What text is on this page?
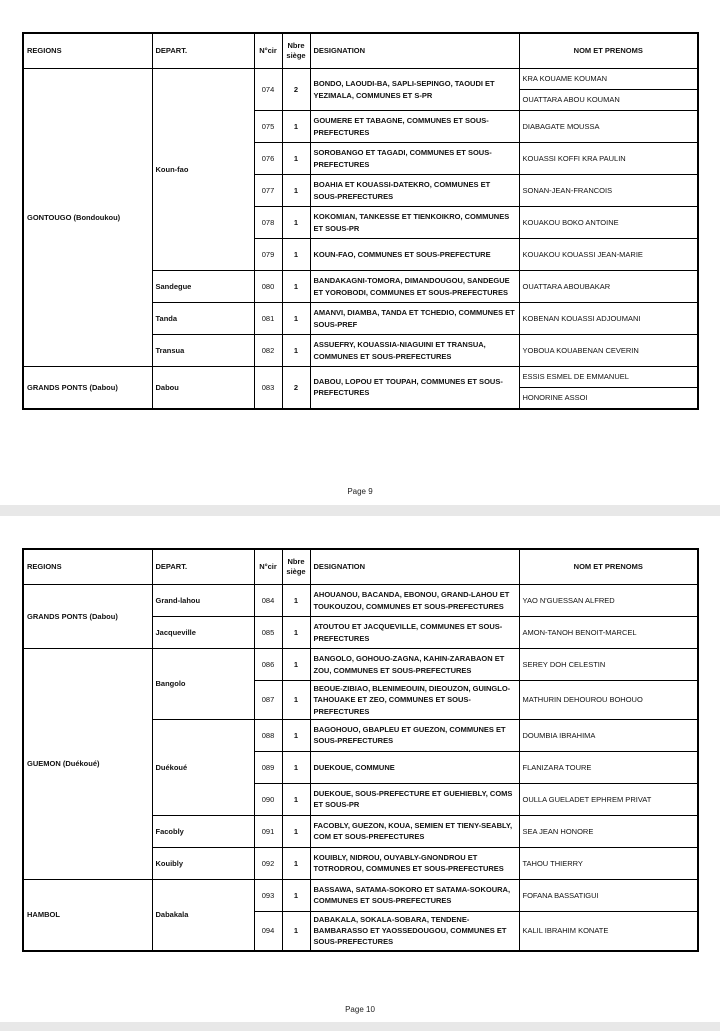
REGIONS	DEPART.	N°cir	Nbre siège	DESIGNATION	NOM ET PRENOMS
GONTOUGO (Bondoukou)	Koun-fao	074	2	BONDO, LAOUDI-BA, SAPLI-SEPINGO, TAOUDI ET YEZIMALA, COMMUNES ET S-PR	KRA KOUAME KOUMAN
					OUATTARA ABOU KOUMAN
		075	1	GOUMERE ET TABAGNE, COMMUNES ET SOUS-PREFECTURES	DIABAGATE MOUSSA
		076	1	SOROBANGO ET TAGADI, COMMUNES ET SOUS-PREFECTURES	KOUASSI KOFFI KRA PAULIN
		077	1	BOAHIA ET KOUASSI-DATEKRO, COMMUNES ET SOUS-PREFECTURES	SONAN-JEAN-FRANCOIS
		078	1	KOKOMIAN, TANKESSE ET TIENKOIKRO, COMMUNES ET SOUS-PR	KOUAKOU BOKO ANTOINE
		079	1	KOUN-FAO, COMMUNES ET SOUS-PREFECTURE	KOUAKOU KOUASSI JEAN-MARIE
	Sandegue	080	1	BANDAKAGNI-TOMORA, DIMANDOUGOU, SANDEGUE ET YOROBODI, COMMUNES ET SOUS-PREFECTURES	OUATTARA ABOUBAKAR
	Tanda	081	1	AMANVI, DIAMBA, TANDA ET TCHEDIO, COMMUNES ET SOUS-PREF	KOBENAN KOUASSI ADJOUMANI
	Transua	082	1	ASSUEFRY, KOUASSIA-NIAGUINI ET TRANSUA, COMMUNES ET SOUS-PREFECTURES	YOBOUA KOUABENAN CEVERIN
GRANDS PONTS (Dabou)	Dabou	083	2	DABOU, LOPOU ET TOUPAH, COMMUNES ET SOUS-PREFECTURES	ESSIS ESMEL DE EMMANUEL
					HONORINE ASSOI
Page 9
REGIONS	DEPART.	N°cir	Nbre siège	DESIGNATION	NOM ET PRENOMS
GRANDS PONTS (Dabou)	Grand-lahou	084	1	AHOUANOU, BACANDA, EBONOU, GRAND-LAHOU ET TOUKOUZOU, COMMUNES ET SOUS-PREFECTURES	YAO N'GUESSAN ALFRED
	Jacqueville	085	1	ATOUTOU ET JACQUEVILLE, COMMUNES ET SOUS-PREFECTURES	AMON-TANOH BENOIT-MARCEL
GUEMON (Duékoué)	Bangolo	086	1	BANGOLO, GOHOUO-ZAGNA, KAHIN-ZARABAON ET ZOU, COMMUNES ET SOUS-PREFECTURES	SEREY DOH CELESTIN
		087	1	BEOUE-ZIBIAO, BLENIMEOUIN, DIEOUZON, GUINGLO-TAHOUAKE ET ZEO, COMMUNES ET SOUS-PREFECTURES	MATHURIN DEHOUROU BOHOUO
	Duékoué	088	1	BAGOHOUO, GBAPLEU ET GUEZON, COMMUNES ET SOUS-PREFECTURES	DOUMBIA IBRAHIMA
		089	1	DUEKOUE, COMMUNE	FLANIZARA TOURE
		090	1	DUEKOUE, SOUS-PREFECTURE ET GUEHIEBLY, COMS ET SOUS-PR	OULLA GUELADET EPHREM PRIVAT
	Facobly	091	1	FACOBLY, GUEZON, KOUA, SEMIEN ET TIENY-SEABLY, COM ET SOUS-PREFECTURES	SEA JEAN HONORE
	Kouibly	092	1	KOUIBLY, NIDROU, OUYABLY-GNONDROU ET TOTRODROU, COMMUNES ET SOUS-PREFECTURES	TAHOU THIERRY
HAMBOL	Dabakala	093	1	BASSAWA, SATAMA-SOKORO ET SATAMA-SOKOURA, COMMUNES ET SOUS-PREFECTURES	FOFANA BASSATIGUI
		094	1	DABAKALA, SOKALA-SOBARA, TENDENE-BAMBARASSO ET YAOSSEDOUGOU, COMMUNES ET SOUS-PREFECTURES	KALIL IBRAHIM KONATE
Page 10
